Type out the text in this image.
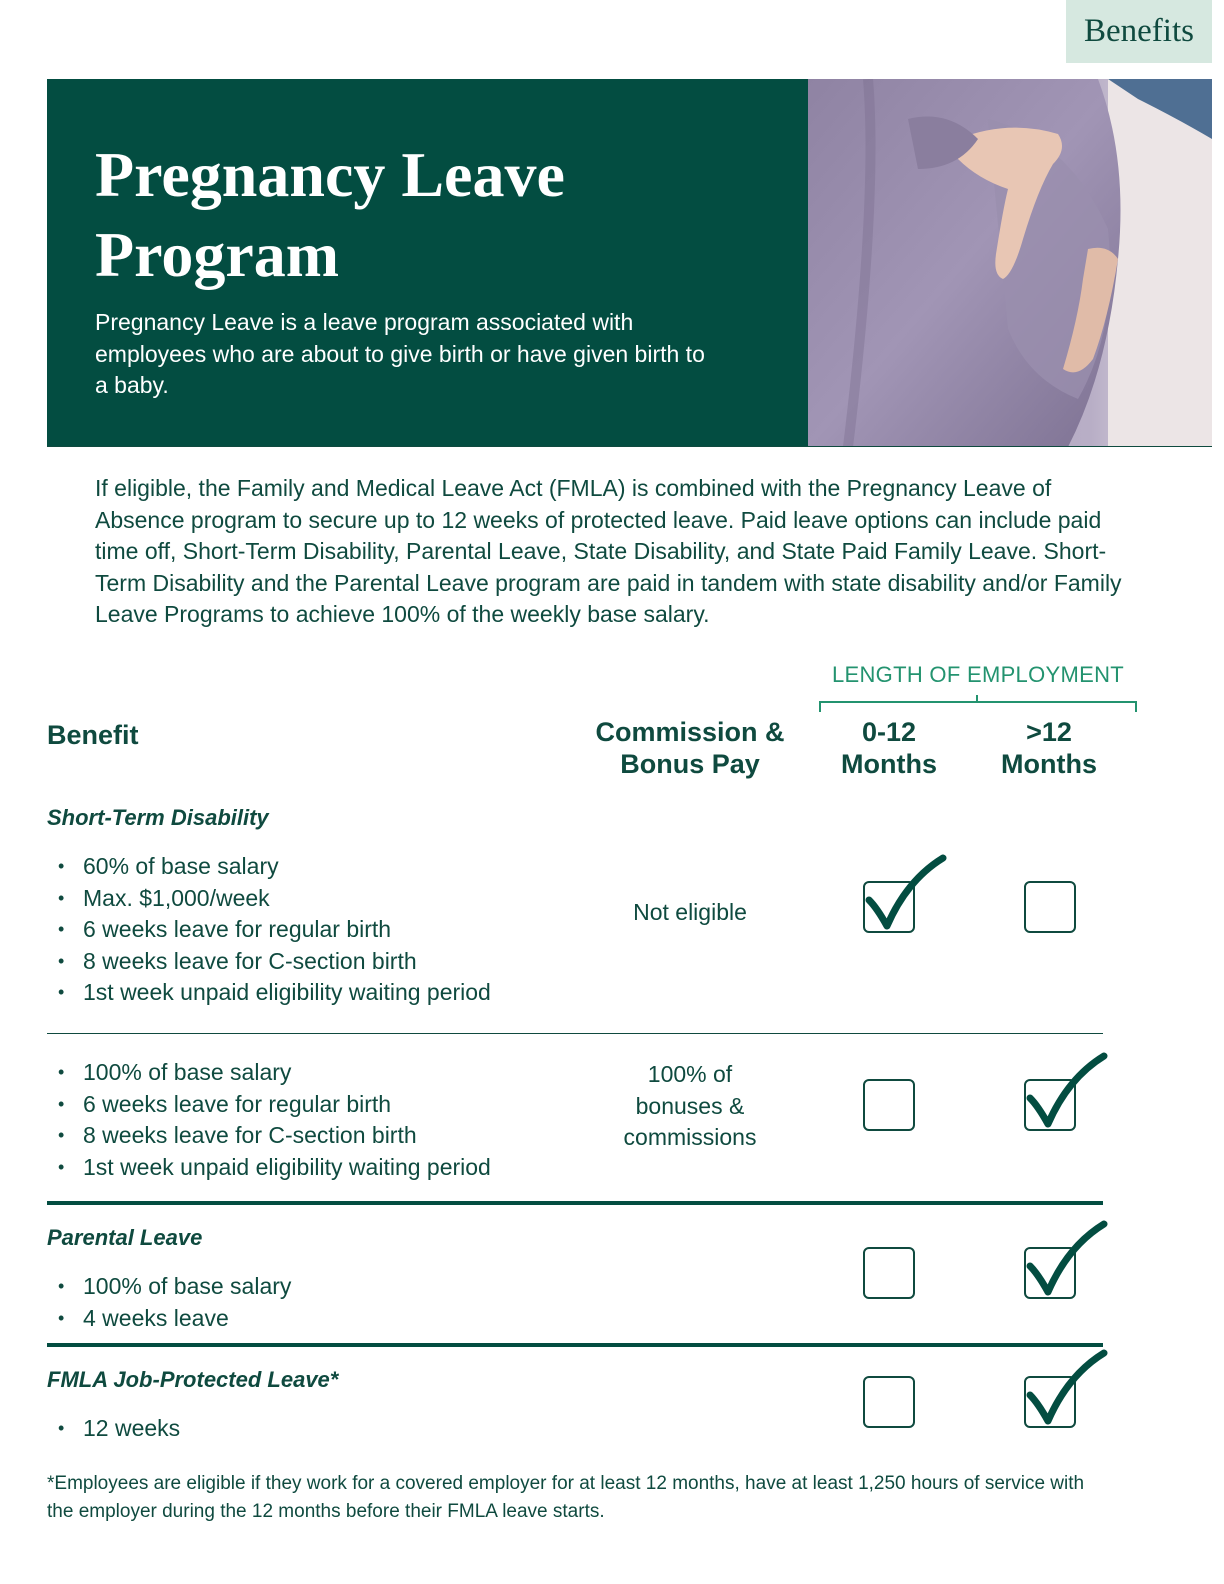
Benefits
Pregnancy Leave
Program

Pregnancy Leave is a leave program associated with employees who are about to give birth or have given birth to a baby.

If eligible, the Family and Medical Leave Act (FMLA) is combined with the Pregnancy Leave of Absence program to secure up to 12 weeks of protected leave. Paid leave options can include paid time off, Short-Term Disability, Parental Leave, State Disability, and State Paid Family Leave. Short-Term Disability and the Parental Leave program are paid in tandem with state disability and/or Family Leave Programs to achieve 100% of the weekly base salary.

LENGTH OF EMPLOYMENT
Benefit	Commission &
Bonus Pay
0-12
Months
>12
Months
Short-Term Disability
• 60% of base salary
• Max. $1,000/week
• 6 weeks leave for regular birth
• 8 weeks leave for C-section birth
• 1st week unpaid eligibility waiting period
Not eligible
• 100% of base salary
• 6 weeks leave for regular birth
• 8 weeks leave for C-section birth
• 1st week unpaid eligibility waiting period
100% of
bonuses &
commissions
Parental Leave
• 100% of base salary
• 4 weeks leave
FMLA Job-Protected Leave*
• 12 weeks

*Employees are eligible if they work for a covered employer for at least 12 months, have at least 1,250 hours of service with the employer during the 12 months before their FMLA leave starts.
